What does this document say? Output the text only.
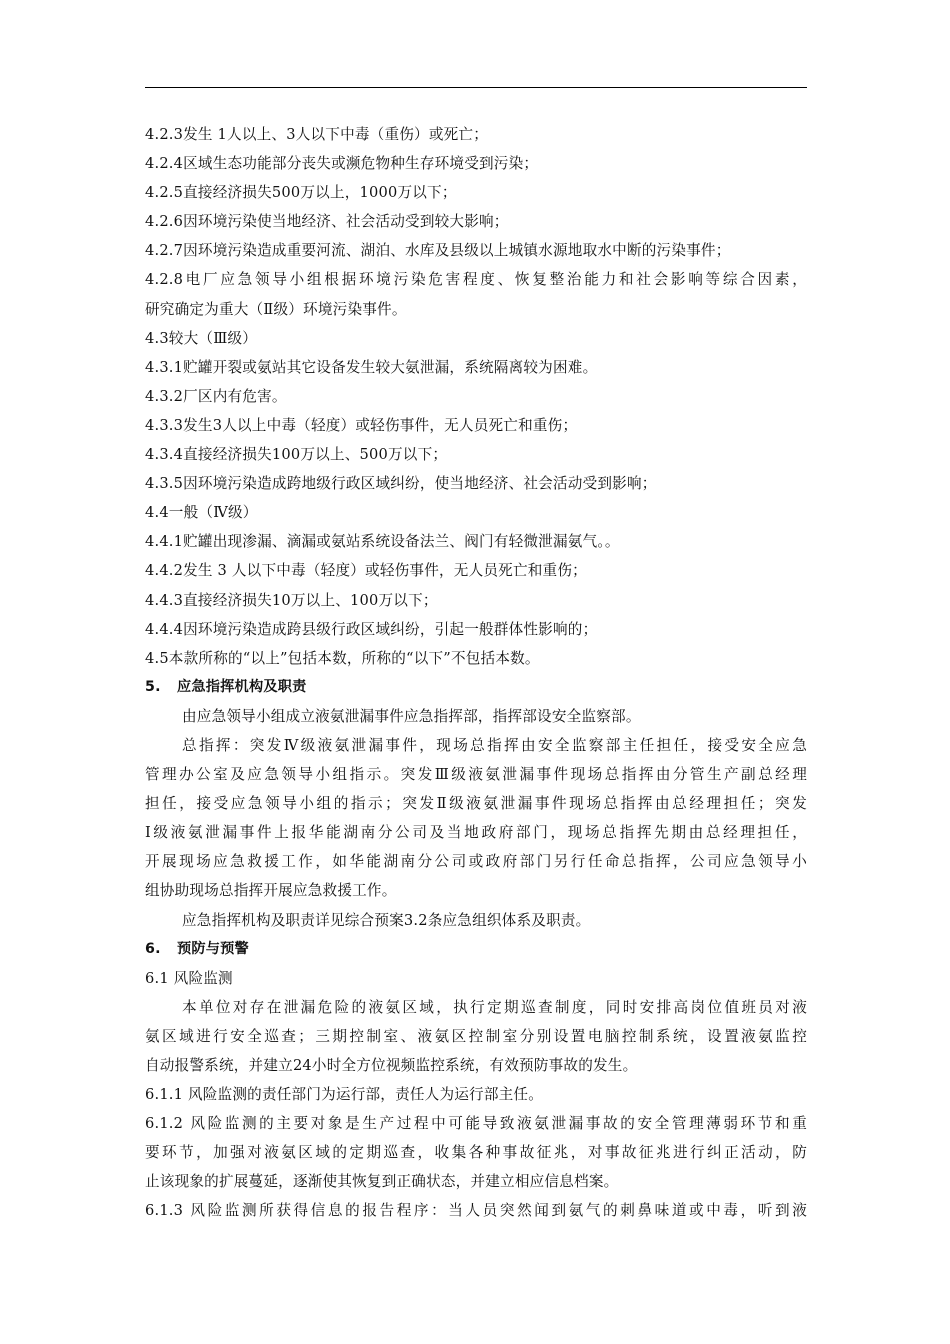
4.2.3发生 1人以上、3人以下中毒（重伤）或死亡；
4.2.4区域生态功能部分丧失或濒危物种生存环境受到污染；
4.2.5直接经济损失500万以上，1000万以下；
4.2.6因环境污染使当地经济、社会活动受到较大影响；
4.2.7因环境污染造成重要河流、湖泊、水库及县级以上城镇水源地取水中断的污染事件；
4.2.8电厂应急领导小组根据环境污染危害程度、恢复整治能力和社会影响等综合因素，
研究确定为重大（Ⅱ级）环境污染事件。
4.3较大（Ⅲ级）
4.3.1贮罐开裂或氨站其它设备发生较大氨泄漏，系统隔离较为困难。
4.3.2厂区内有危害。
4.3.3发生3人以上中毒（轻度）或轻伤事件，无人员死亡和重伤；
4.3.4直接经济损失100万以上、500万以下；
4.3.5因环境污染造成跨地级行政区域纠纷，使当地经济、社会活动受到影响；
4.4一般（Ⅳ级）
4.4.1贮罐出现渗漏、滴漏或氨站系统设备法兰、阀门有轻微泄漏氨气。。
4.4.2发生 3 人以下中毒（轻度）或轻伤事件，无人员死亡和重伤；
4.4.3直接经济损失10万以上、100万以下；
4.4.4因环境污染造成跨县级行政区域纠纷，引起一般群体性影响的；
4.5本款所称的“以上”包括本数，所称的“以下”不包括本数。
5. 应急指挥机构及职责
由应急领导小组成立液氨泄漏事件应急指挥部，指挥部设安全监察部。
总指挥：突发Ⅳ级液氨泄漏事件，现场总指挥由安全监察部主任担任，接受安全应急
管理办公室及应急领导小组指示。突发Ⅲ级液氨泄漏事件现场总指挥由分管生产副总经理
担任，接受应急领导小组的指示；突发Ⅱ级液氨泄漏事件现场总指挥由总经理担任；突发
Ⅰ级液氨泄漏事件上报华能湖南分公司及当地政府部门，现场总指挥先期由总经理担任，
开展现场应急救援工作，如华能湖南分公司或政府部门另行任命总指挥，公司应急领导小
组协助现场总指挥开展应急救援工作。
应急指挥机构及职责详见综合预案3.2条应急组织体系及职责。
6. 预防与预警
6.1 风险监测
本单位对存在泄漏危险的液氨区域，执行定期巡查制度，同时安排高岗位值班员对液
氨区域进行安全巡查；三期控制室、液氨区控制室分别设置电脑控制系统，设置液氨监控
自动报警系统，并建立24小时全方位视频监控系统，有效预防事故的发生。
6.1.1 风险监测的责任部门为运行部，责任人为运行部主任。
6.1.2 风险监测的主要对象是生产过程中可能导致液氨泄漏事故的安全管理薄弱环节和重
要环节，加强对液氨区域的定期巡查，收集各种事故征兆，对事故征兆进行纠正活动，防
止该现象的扩展蔓延，逐渐使其恢复到正确状态，并建立相应信息档案。
6.1.3 风险监测所获得信息的报告程序：当人员突然闻到氨气的刺鼻味道或中毒，听到液
